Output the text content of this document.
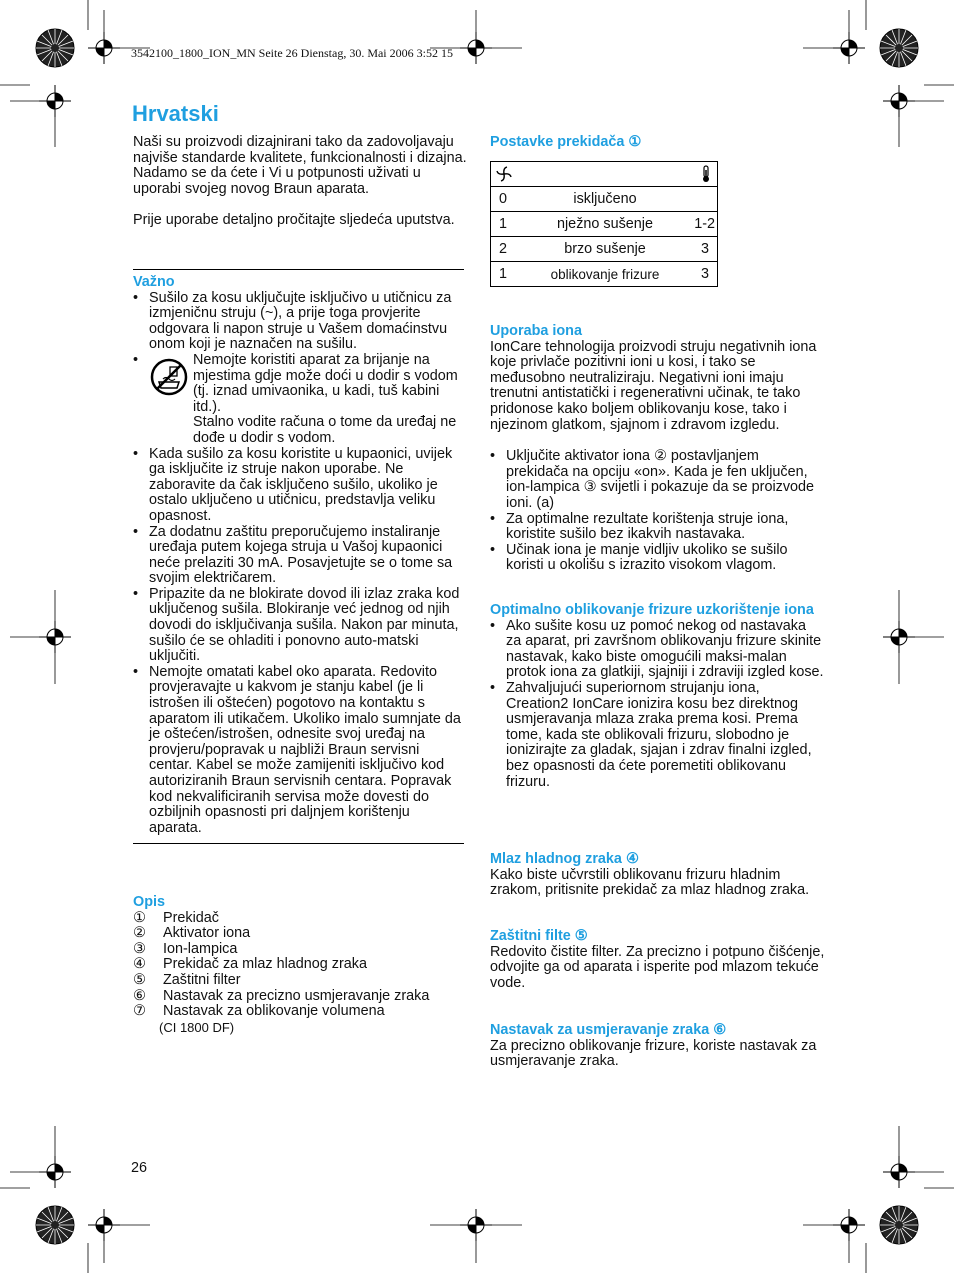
3542100_1800_ION_MN Seite 26 Dienstag, 30. Mai 2006 3:52 15
Hrvatski
Naši su proizvodi dizajnirani tako da zadovoljavaju najviše standarde kvalitete, funkcionalnosti i dizajna.
Nadamo se da ćete i Vi u potpunosti uživati u uporabi svojeg novog Braun aparata.
Prije uporabe detaljno pročitajte sljedeća uputstva.
Važno
• Sušilo za kosu uključujte isključivo u utičnicu za izmjeničnu struju (~), a prije toga provjerite odgovara li napon struje u Vašem domaćinstvu onom koji je naznačen na sušilu.
• Nemojte koristiti aparat za brijanje na mjestima gdje može doći u dodir s vodom (tj. iznad umivaonika, u kadi, tuš kabini itd.).
Stalno vodite računa o tome da uređaj ne dođe u dodir s vodom.
• Kada sušilo za kosu koristite u kupaonici, uvijek ga isključite iz struje nakon uporabe. Ne zaboravite da čak isključeno sušilo, ukoliko je ostalo uključeno u utičnicu, predstavlja veliku opasnost.
• Za dodatnu zaštitu preporučujemo instaliranje uređaja putem kojega struja u Vašoj kupaonici neće prelaziti 30 mA. Posavjetujte se o tome sa svojim električarem.
• Pripazite da ne blokirate dovod ili izlaz zraka kod uključenog sušila. Blokiranje već jednog od njih dovodi do isključivanja sušila. Nakon par minuta, sušilo će se ohladiti i ponovno auto-matski uključiti.
• Nemojte omatati kabel oko aparata. Redovito provjeravajte u kakvom je stanju kabel (je li istrošen ili oštećen) pogotovo na kontaktu s aparatom ili utikačem. Ukoliko imalo sumnjate da je oštećen/istrošen, odnesite svoj uređaj na provjeru/popravak u najbliži Braun servisni centar. Kabel se može zamijeniti isključivo kod autoriziranih Braun servisnih centara. Popravak kod nekvalificiranih servisa može dovesti do ozbiljnih opasnosti pri daljnjem korištenju aparata.
Opis
①	Prekidač
②	Aktivator iona
③	Ion-lampica
④	Prekidač za mlaz hladnog zraka
⑤	Zaštitni filter
⑥	Nastavak za precizno usmjeravanje zraka
⑦	Nastavak za oblikovanje volumena
(CI 1800 DF)
Postavke prekidača ①
0	isključeno	
1	nježno sušenje	1-2
2	brzo sušenje	3
1	oblikovanje frizure	3
Uporaba iona
IonCare tehnologija proizvodi struju negativnih iona koje privlače pozitivni ioni u kosi, i tako se međusobno neutraliziraju. Negativni ioni imaju trenutni antistatički i regenerativni učinak, te tako pridonose kako boljem oblikovanju kose, tako i njezinom glatkom, sjajnom i zdravom izgledu.
• Uključite aktivator iona ② postavljanjem prekidača na opciju «on». Kada je fen uključen, ion-lampica ③ svijetli i pokazuje da se proizvode ioni. (a)
• Za optimalne rezultate korištenja struje iona, koristite sušilo bez ikakvih nastavaka.
• Učinak iona je manje vidljiv ukoliko se sušilo koristi u okolišu s izrazito visokom vlagom.
Optimalno oblikovanje frizure uzkorištenje iona
• Ako sušite kosu uz pomoć nekog od nastavaka za aparat, pri završnom oblikovanju frizure skinite nastavak, kako biste omogućili maksi-malan protok iona za glatkiji, sjajniji i zdraviji izgled kose.
• Zahvaljujući superiornom strujanju iona, Creation2 IonCare ionizira kosu bez direktnog usmjeravanja mlaza zraka prema kosi. Prema tome, kada ste oblikovali frizuru, slobodno je ionizirajte za gladak, sjajan i zdrav finalni izgled, bez opasnosti da ćete poremetiti oblikovanu frizuru.
Mlaz hladnog zraka ④
Kako biste učvrstili oblikovanu frizuru hladnim zrakom, pritisnite prekidač za mlaz hladnog zraka.
Zaštitni filte ⑤
Redovito čistite filter. Za precizno i potpuno čišćenje, odvojite ga od aparata i isperite pod mlazom tekuće vode.
Nastavak za usmjeravanje zraka ⑥
Za precizno oblikovanje frizure, koriste nastavak za usmjeravanje zraka.
26
